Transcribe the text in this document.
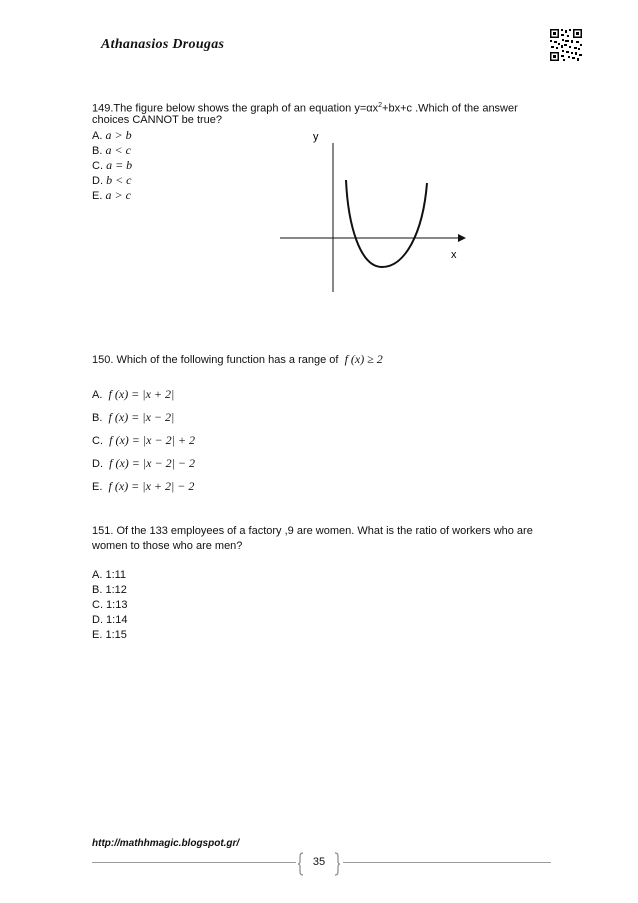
Athanasios Drougas
149.The figure below shows the graph of an equation $y=\alpha x^2+bx+c$ .Which of the answer
choices CANNOT be true?
A. a > b
B. a < c
C. a = b
D. b < c
E. a > c
y
x
150. Which of the following function has a range of f (x) ≥ 2
A. f (x) = |x + 2|
B. f (x) = |x − 2|
C. f (x) = |x − 2| + 2
D. f (x) = |x − 2| − 2
E. f (x) = |x + 2| − 2
151. Of the 133 employees of a factory ,9 are women. What is the ratio of workers who are
women to those who are men?
A. 1:11
B. 1:12
C. 1:13
D. 1:14
E. 1:15
http://mathhmagic.blogspot.gr/
35
